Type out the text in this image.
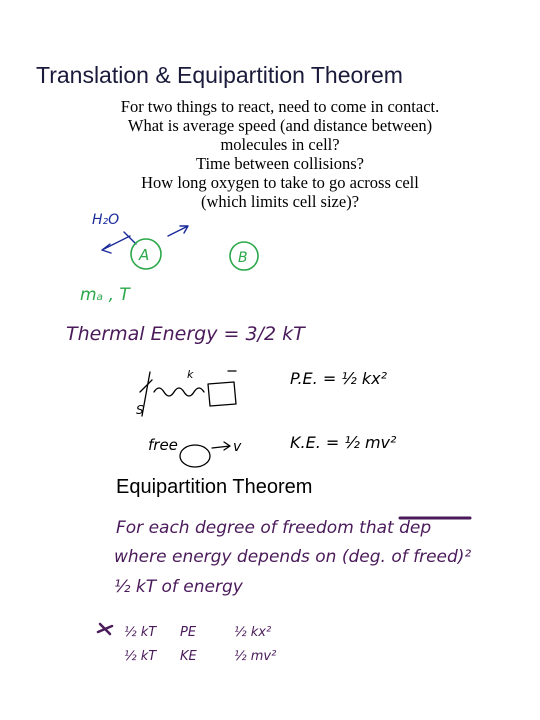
Translation & Equipartition Theorem
For two things to react, need to come in contact.
What is average speed (and distance between)
molecules in cell?
Time between collisions?
How long oxygen to take to go across cell
(which limits cell size)?
Equipartition Theorem
H₂O
A	B
mₐ , T
Thermal Energy = 3/2 kT
k
S
P.E. = ½ kx²
free	v	K.E. = ½ mv²
For each degree of freedom that dep
where energy depends on (deg. of freed)²
½ kT of energy
½ kT PE	½ kx²
½ kT KE	½ mv²
